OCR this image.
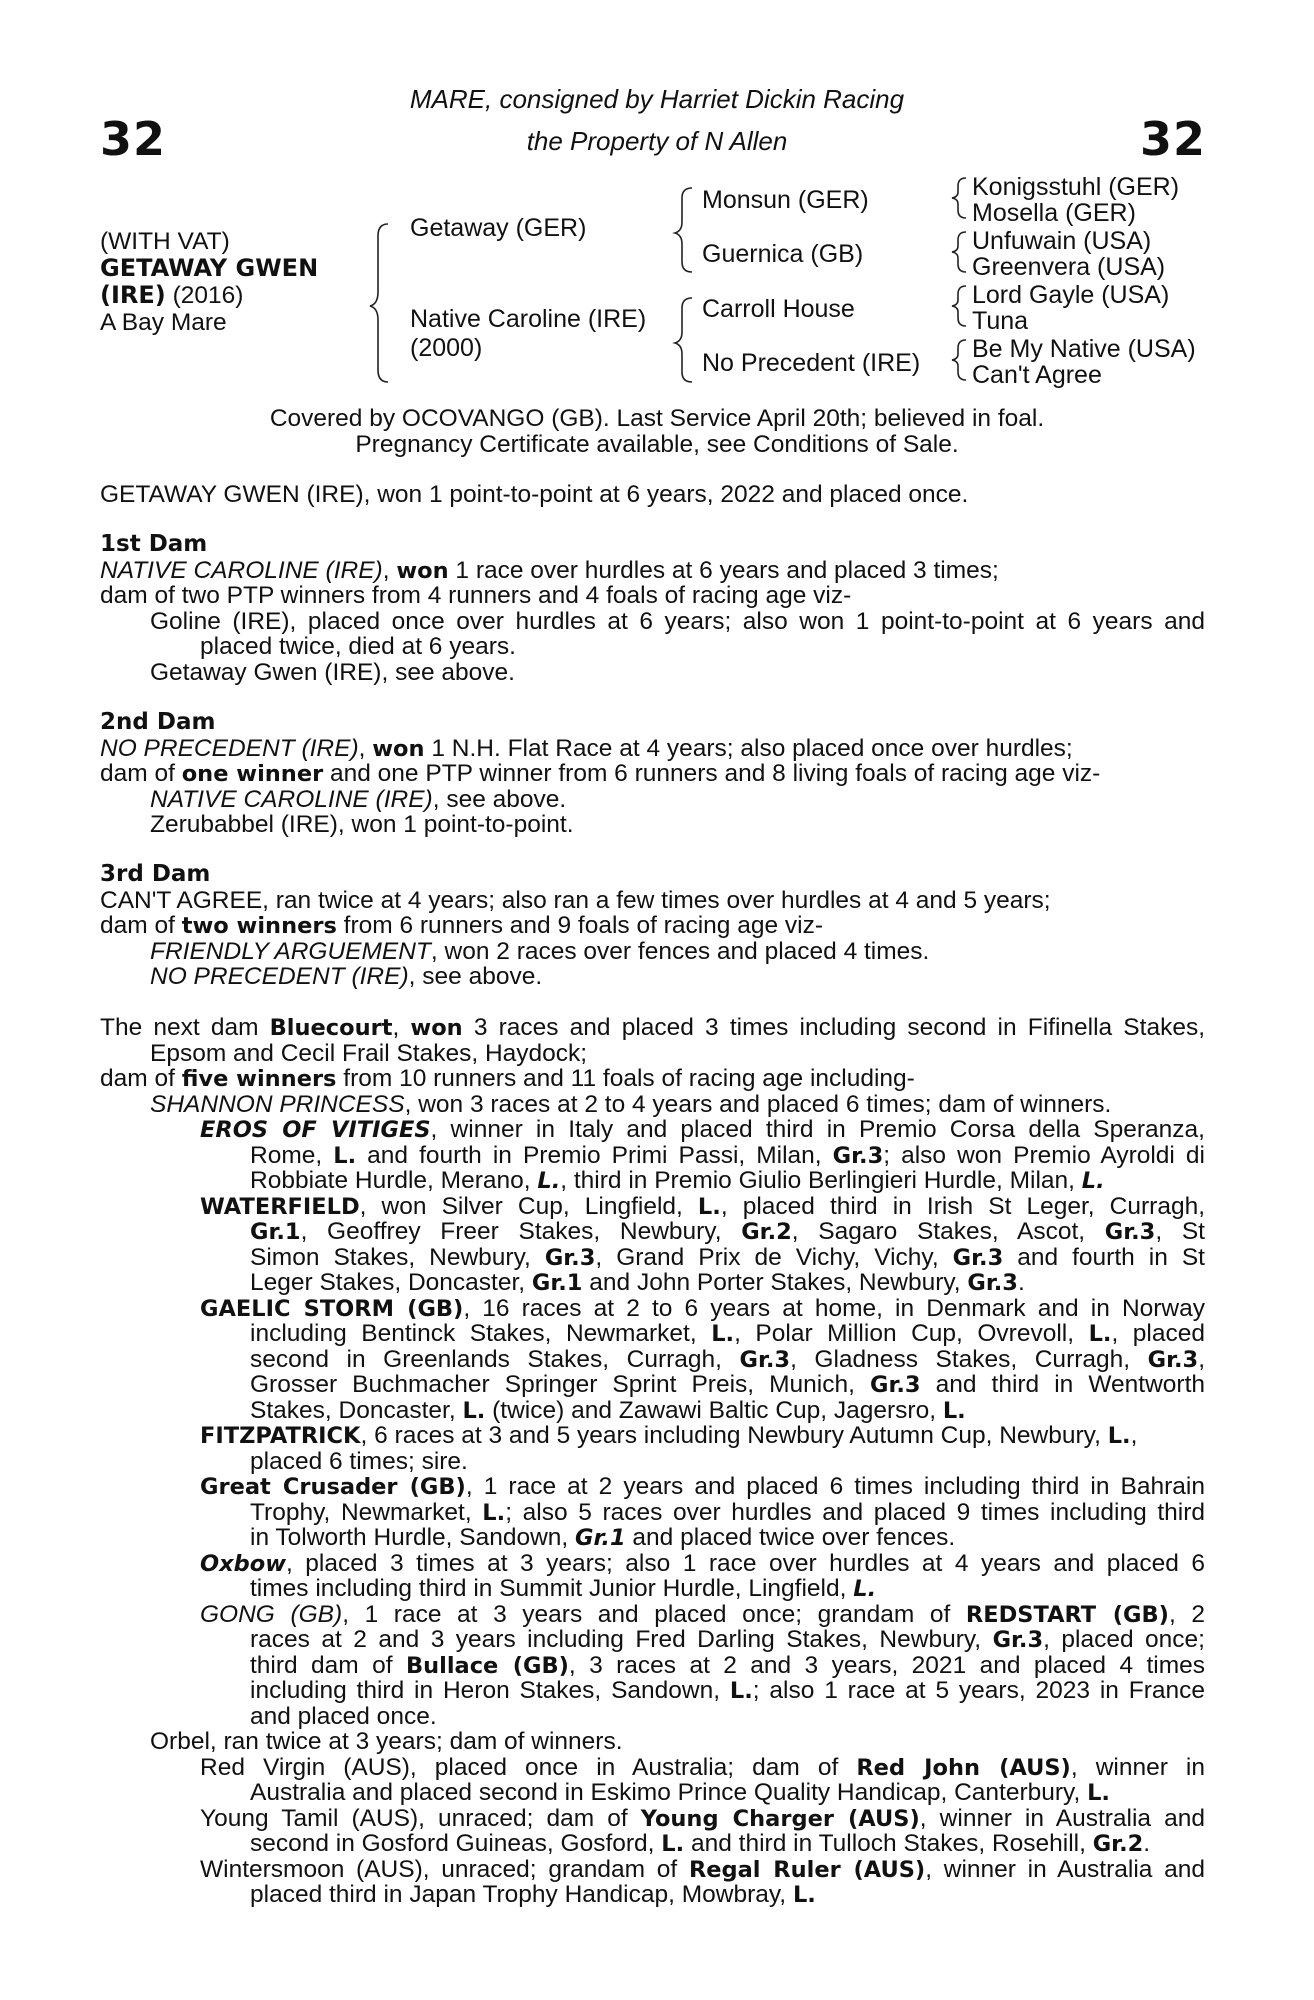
32	32
MARE, consigned by Harriet Dickin Racing
the Property of N Allen
(WITH VAT)
GETAWAY GWEN
(IRE) (2016)
A Bay Mare
Getaway (GER)
Native Caroline (IRE)
(2000)
Monsun (GER)
Guernica (GB)
Carroll House
No Precedent (IRE)
Konigsstuhl (GER)
Mosella (GER)
Unfuwain (USA)
Greenvera (USA)
Lord Gayle (USA)
Tuna
Be My Native (USA)
Can't Agree
Covered by OCOVANGO (GB). Last Service April 20th; believed in foal.
Pregnancy Certificate available, see Conditions of Sale.
GETAWAY GWEN (IRE), won 1 point-to-point at 6 years, 2022 and placed once.
1st Dam
NATIVE CAROLINE (IRE), won 1 race over hurdles at 6 years and placed 3 times;
dam of two PTP winners from 4 runners and 4 foals of racing age viz-
Goline (IRE), placed once over hurdles at 6 years; also won 1 point-to-point at 6 years and
placed twice, died at 6 years.
Getaway Gwen (IRE), see above.
2nd Dam
NO PRECEDENT (IRE), won 1 N.H. Flat Race at 4 years; also placed once over hurdles;
dam of one winner and one PTP winner from 6 runners and 8 living foals of racing age viz-
NATIVE CAROLINE (IRE), see above.
Zerubabbel (IRE), won 1 point-to-point.
3rd Dam
CAN'T AGREE, ran twice at 4 years; also ran a few times over hurdles at 4 and 5 years;
dam of two winners from 6 runners and 9 foals of racing age viz-
FRIENDLY ARGUEMENT, won 2 races over fences and placed 4 times.
NO PRECEDENT (IRE), see above.
The next dam Bluecourt, won 3 races and placed 3 times including second in Fifinella Stakes,
Epsom and Cecil Frail Stakes, Haydock;
dam of five winners from 10 runners and 11 foals of racing age including-
SHANNON PRINCESS, won 3 races at 2 to 4 years and placed 6 times; dam of winners.
EROS OF VITIGES, winner in Italy and placed third in Premio Corsa della Speranza,
Rome, L. and fourth in Premio Primi Passi, Milan, Gr.3; also won Premio Ayroldi di
Robbiate Hurdle, Merano, L., third in Premio Giulio Berlingieri Hurdle, Milan, L.
WATERFIELD, won Silver Cup, Lingfield, L., placed third in Irish St Leger, Curragh,
Gr.1, Geoffrey Freer Stakes, Newbury, Gr.2, Sagaro Stakes, Ascot, Gr.3, St
Simon Stakes, Newbury, Gr.3, Grand Prix de Vichy, Vichy, Gr.3 and fourth in St
Leger Stakes, Doncaster, Gr.1 and John Porter Stakes, Newbury, Gr.3.
GAELIC STORM (GB), 16 races at 2 to 6 years at home, in Denmark and in Norway
including Bentinck Stakes, Newmarket, L., Polar Million Cup, Ovrevoll, L., placed
second in Greenlands Stakes, Curragh, Gr.3, Gladness Stakes, Curragh, Gr.3,
Grosser Buchmacher Springer Sprint Preis, Munich, Gr.3 and third in Wentworth
Stakes, Doncaster, L. (twice) and Zawawi Baltic Cup, Jagersro, L.
FITZPATRICK, 6 races at 3 and 5 years including Newbury Autumn Cup, Newbury, L.,
placed 6 times; sire.
Great Crusader (GB), 1 race at 2 years and placed 6 times including third in Bahrain
Trophy, Newmarket, L.; also 5 races over hurdles and placed 9 times including third
in Tolworth Hurdle, Sandown, Gr.1 and placed twice over fences.
Oxbow, placed 3 times at 3 years; also 1 race over hurdles at 4 years and placed 6
times including third in Summit Junior Hurdle, Lingfield, L.
GONG (GB), 1 race at 3 years and placed once; grandam of REDSTART (GB), 2
races at 2 and 3 years including Fred Darling Stakes, Newbury, Gr.3, placed once;
third dam of Bullace (GB), 3 races at 2 and 3 years, 2021 and placed 4 times
including third in Heron Stakes, Sandown, L.; also 1 race at 5 years, 2023 in France
and placed once.
Orbel, ran twice at 3 years; dam of winners.
Red Virgin (AUS), placed once in Australia; dam of Red John (AUS), winner in
Australia and placed second in Eskimo Prince Quality Handicap, Canterbury, L.
Young Tamil (AUS), unraced; dam of Young Charger (AUS), winner in Australia and
second in Gosford Guineas, Gosford, L. and third in Tulloch Stakes, Rosehill, Gr.2.
Wintersmoon (AUS), unraced; grandam of Regal Ruler (AUS), winner in Australia and
placed third in Japan Trophy Handicap, Mowbray, L.
